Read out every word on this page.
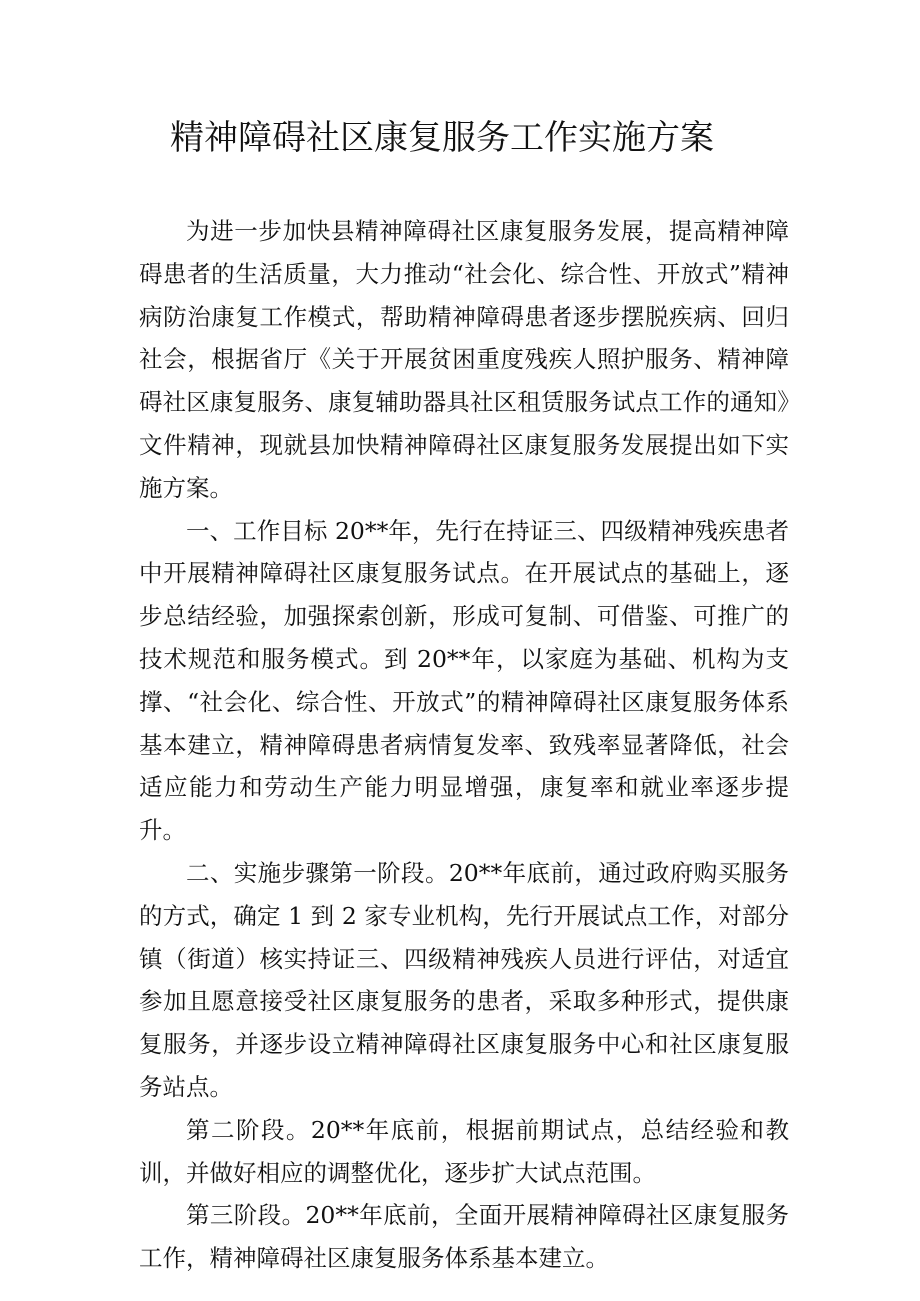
精神障碍社区康复服务工作实施方案

为进一步加快县精神障碍社区康复服务发展，提高精神障碍患者的生活质量，大力推动“社会化、综合性、开放式”精神病防治康复工作模式，帮助精神障碍患者逐步摆脱疾病、回归社会，根据省厅《关于开展贫困重度残疾人照护服务、精神障碍社区康复服务、康复辅助器具社区租赁服务试点工作的通知》文件精神，现就县加快精神障碍社区康复服务发展提出如下实施方案。

一、工作目标 20**年，先行在持证三、四级精神残疾患者中开展精神障碍社区康复服务试点。在开展试点的基础上，逐步总结经验，加强探索创新，形成可复制、可借鉴、可推广的技术规范和服务模式。到 20**年，以家庭为基础、机构为支撑、“社会化、综合性、开放式”的精神障碍社区康复服务体系基本建立，精神障碍患者病情复发率、致残率显著降低，社会适应能力和劳动生产能力明显增强，康复率和就业率逐步提升。

二、实施步骤第一阶段。20**年底前，通过政府购买服务的方式，确定 1 到 2 家专业机构，先行开展试点工作，对部分镇（街道）核实持证三、四级精神残疾人员进行评估，对适宜参加且愿意接受社区康复服务的患者，采取多种形式，提供康复服务，并逐步设立精神障碍社区康复服务中心和社区康复服务站点。

第二阶段。20**年底前，根据前期试点，总结经验和教训，并做好相应的调整优化，逐步扩大试点范围。

第三阶段。20**年底前，全面开展精神障碍社区康复服务工作，精神障碍社区康复服务体系基本建立。
